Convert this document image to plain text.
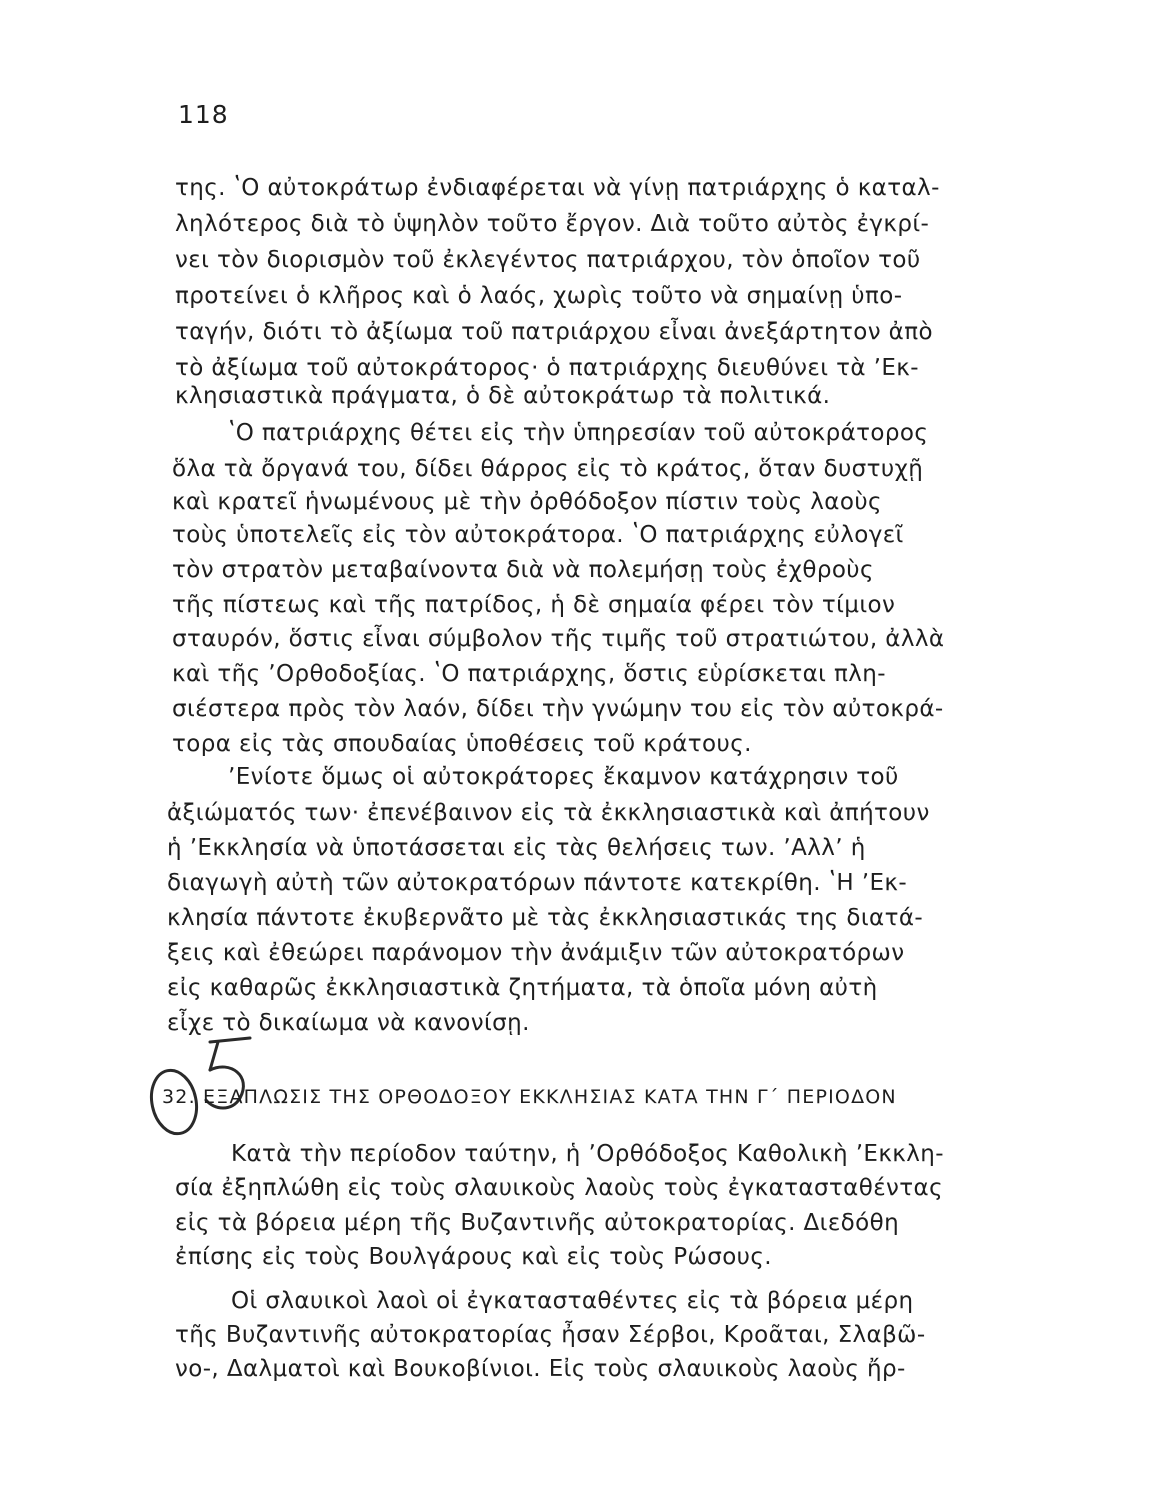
118
της. ʽΟ αὐτοκράτωρ ἐνδιαφέρεται νὰ γίνῃ πατριάρχης ὁ καταλ-
ληλότερος διὰ τὸ ὑψηλὸν τοῦτο ἔργον. Διὰ τοῦτο αὐτὸς ἐγκρί-
νει τὸν διορισμὸν τοῦ ἐκλεγέντος πατριάρχου, τὸν ὁποῖον τοῦ
προτείνει ὁ κλῆρος καὶ ὁ λαός, χωρὶς τοῦτο νὰ σημαίνῃ ὑπο-
ταγήν, διότι τὸ ἀξίωμα τοῦ πατριάρχου εἶναι ἀνεξάρτητον ἀπὸ
τὸ ἀξίωμα τοῦ αὐτοκράτορος· ὁ πατριάρχης διευθύνει τὰ ʼΕκ-
κλησιαστικὰ πράγματα, ὁ δὲ αὐτοκράτωρ τὰ πολιτικά.
ʽΟ πατριάρχης θέτει εἰς τὴν ὑπηρεσίαν τοῦ αὐτοκράτορος
ὅλα τὰ ὄργανά του, δίδει θάρρος εἰς τὸ κράτος, ὅταν δυστυχῇ
καὶ κρατεῖ ἡνωμένους μὲ τὴν ὀρθόδοξον πίστιν τοὺς λαοὺς
τοὺς ὑποτελεῖς εἰς τὸν αὐτοκράτορα. ʽΟ πατριάρχης εὐλογεῖ
τὸν στρατὸν μεταβαίνοντα διὰ νὰ πολεμήσῃ τοὺς ἐχθροὺς
τῆς πίστεως καὶ τῆς πατρίδος, ἡ δὲ σημαία φέρει τὸν τίμιον
σταυρόν, ὅστις εἶναι σύμβολον τῆς τιμῆς τοῦ στρατιώτου, ἀλλὰ
καὶ τῆς ʼΟρθοδοξίας. ʽΟ πατριάρχης, ὅστις εὑρίσκεται πλη-
σιέστερα πρὸς τὸν λαόν, δίδει τὴν γνώμην του εἰς τὸν αὐτοκρά-
τορα εἰς τὰς σπουδαίας ὑποθέσεις τοῦ κράτους.
ʼΕνίοτε ὅμως οἱ αὐτοκράτορες ἔκαμνον κατάχρησιν τοῦ
ἀξιώματός των· ἐπενέβαινον εἰς τὰ ἐκκλησιαστικὰ καὶ ἀπήτουν
ἡ ʼΕκκλησία νὰ ὑποτάσσεται εἰς τὰς θελήσεις των. ʼΑλλʼ ἡ
διαγωγὴ αὐτὴ τῶν αὐτοκρατόρων πάντοτε κατεκρίθη. ʽΗ ʼΕκ-
κλησία πάντοτε ἐκυβερνᾶτο μὲ τὰς ἐκκλησιαστικάς της διατά-
ξεις καὶ ἐθεώρει παράνομον τὴν ἀνάμιξιν τῶν αὐτοκρατόρων
εἰς καθαρῶς ἐκκλησιαστικὰ ζητήματα, τὰ ὁποῖα μόνη αὐτὴ
εἶχε τὸ δικαίωμα νὰ κανονίσῃ.
32. ΕΞΑΠΛΩΣΙΣ ΤΗΣ ΟΡΘΟΔΟΞΟΥ ΕΚΚΛΗΣΙΑΣ ΚΑΤΑ ΤΗΝ Γ΄ ΠΕΡΙΟΔΟΝ
Κατὰ τὴν περίοδον ταύτην, ἡ ʼΟρθόδοξος Καθολικὴ ʼΕκκλη-
σία ἐξηπλώθη εἰς τοὺς σλαυικοὺς λαοὺς τοὺς ἐγκατασταθέντας
εἰς τὰ βόρεια μέρη τῆς Βυζαντινῆς αὐτοκρατορίας. Διεδόθη
ἐπίσης εἰς τοὺς Βουλγάρους καὶ εἰς τοὺς Ρώσους.
Οἱ σλαυικοὶ λαοὶ οἱ ἐγκατασταθέντες εἰς τὰ βόρεια μέρη
τῆς Βυζαντινῆς αὐτοκρατορίας ἦσαν Σέρβοι, Κροᾶται, Σλαβῶ-
νο-, Δαλματοὶ καὶ Βουκοβίνιοι. Εἰς τοὺς σλαυικοὺς λαοὺς ἤρ-
